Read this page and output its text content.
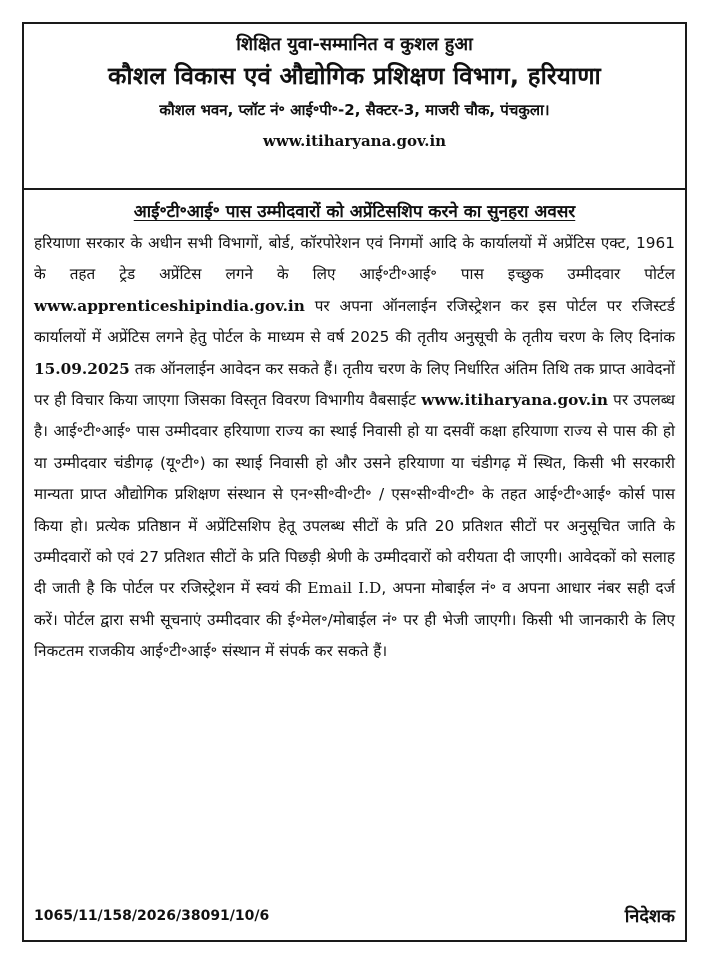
शिक्षित युवा-सम्मानित व कुशल हुआ
कौशल विकास एवं औद्योगिक प्रशिक्षण विभाग, हरियाणा
कौशल भवन, प्लॉट नं॰ आई॰पी॰-2, सैक्टर-3, माजरी चौक, पंचकुला।
www.itiharyana.gov.in
आई॰टी॰आई॰ पास उम्मीदवारों को अप्रेंटिसशिप करने का सुनहरा अवसर

हरियाणा सरकार के अधीन सभी विभागों, बोर्ड, कॉरपोरेशन एवं निगमों आदि के कार्यालयों में अप्रेंटिस एक्ट, 1961 के तहत ट्रेड अप्रेंटिस लगने के लिए आई॰टी॰आई॰ पास इच्छुक उम्मीदवार पोर्टल www.apprenticeshipindia.gov.in पर अपना ऑनलाईन रजिस्ट्रेशन कर इस पोर्टल पर रजिस्टर्ड कार्यालयों में अप्रेंटिस लगने हेतु पोर्टल के माध्यम से वर्ष 2025 की तृतीय अनुसूची के तृतीय चरण के लिए दिनांक 15.09.2025 तक ऑनलाईन आवेदन कर सकते हैं। तृतीय चरण के लिए निर्धारित अंतिम तिथि तक प्राप्त आवेदनों पर ही विचार किया जाएगा जिसका विस्तृत विवरण विभागीय वैबसाईट www.itiharyana.gov.in पर उपलब्ध है। आई॰टी॰आई॰ पास उम्मीदवार हरियाणा राज्य का स्थाई निवासी हो या दसवीं कक्षा हरियाणा राज्य से पास की हो या उम्मीदवार चंडीगढ़ (यू॰टी॰) का स्थाई निवासी हो और उसने हरियाणा या चंडीगढ़ में स्थित, किसी भी सरकारी मान्यता प्राप्त औद्योगिक प्रशिक्षण संस्थान से एन॰सी॰वी॰टी॰ / एस॰सी॰वी॰टी॰ के तहत आई॰टी॰आई॰ कोर्स पास किया हो। प्रत्येक प्रतिष्ठान में अप्रेंटिसशिप हेतू उपलब्ध सीटों के प्रति 20 प्रतिशत सीटों पर अनुसूचित जाति के उम्मीदवारों को एवं 27 प्रतिशत सीटों के प्रति पिछड़ी श्रेणी के उम्मीदवारों को वरीयता दी जाएगी। आवेदकों को सलाह दी जाती है कि पोर्टल पर रजिस्ट्रेशन में स्वयं की Email I.D, अपना मोबाईल नं॰ व अपना आधार नंबर सही दर्ज करें। पोर्टल द्वारा सभी सूचनाएं उम्मीदवार की ई॰मेल॰/मोबाईल नं॰ पर ही भेजी जाएगी। किसी भी जानकारी के लिए निकटतम राजकीय आई॰टी॰आई॰ संस्थान में संपर्क कर सकते हैं।

1065/11/158/2026/38091/10/6	निदेशक
